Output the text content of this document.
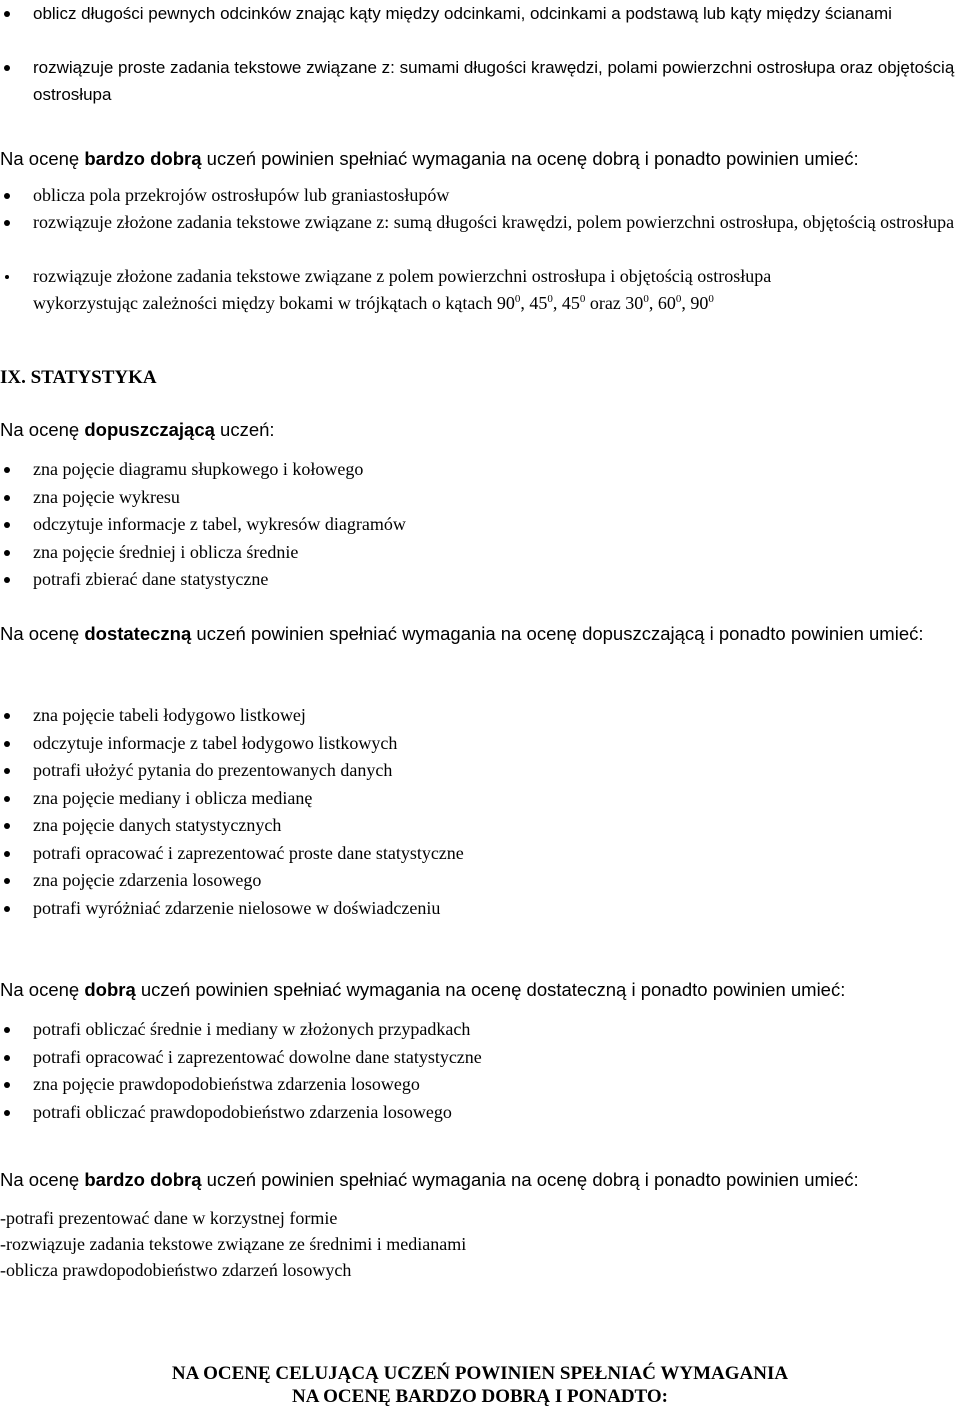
oblicz długości pewnych odcinków znając kąty między odcinkami, odcinkami a podstawą lub kąty między ścianami
rozwiązuje proste zadania tekstowe związane z: sumami długości krawędzi, polami powierzchni ostrosłupa oraz objętością ostrosłupa
Na ocenę bardzo dobrą uczeń powinien spełniać wymagania na ocenę dobrą i ponadto powinien umieć:
oblicza pola przekrojów ostrosłupów lub graniastosłupów
rozwiązuje złożone zadania tekstowe związane z: sumą długości krawędzi, polem powierzchni ostrosłupa, objętością ostrosłupa
rozwiązuje złożone zadania tekstowe związane z polem powierzchni ostrosłupa i objętością ostrosłupa
wykorzystując zależności między bokami w trójkątach o kątach $90^0$, $45^0$, $45^0$ oraz $30^0$, $60^0$, $90^0$
IX. STATYSTYKA
Na ocenę dopuszczającą uczeń:
zna pojęcie diagramu słupkowego i kołowego
zna pojęcie wykresu
odczytuje informacje z tabel, wykresów diagramów
zna pojęcie średniej i oblicza średnie
potrafi zbierać dane statystyczne
Na ocenę dostateczną uczeń powinien spełniać wymagania na ocenę dopuszczającą i ponadto powinien umieć:
zna pojęcie tabeli łodygowo listkowej
odczytuje informacje z tabel łodygowo listkowych
potrafi ułożyć pytania do prezentowanych danych
zna pojęcie mediany i oblicza medianę
zna pojęcie danych statystycznych
potrafi opracować i zaprezentować proste dane statystyczne
zna pojęcie zdarzenia losowego
potrafi wyróżniać zdarzenie nielosowe w doświadczeniu
Na ocenę dobrą uczeń powinien spełniać wymagania na ocenę dostateczną i ponadto powinien umieć:
potrafi obliczać średnie i mediany w złożonych przypadkach
potrafi opracować i zaprezentować dowolne dane statystyczne
zna pojęcie prawdopodobieństwa zdarzenia losowego
potrafi obliczać prawdopodobieństwo zdarzenia losowego
Na ocenę bardzo dobrą uczeń powinien spełniać wymagania na ocenę dobrą i ponadto powinien umieć:
-potrafi prezentować dane w korzystnej formie
-rozwiązuje zadania tekstowe związane ze średnimi i medianami
-oblicza prawdopodobieństwo zdarzeń losowych
NA OCENĘ CELUJĄCĄ UCZEŃ POWINIEN SPEŁNIAĆ WYMAGANIA
NA OCENĘ BARDZO DOBRĄ I PONADTO:
